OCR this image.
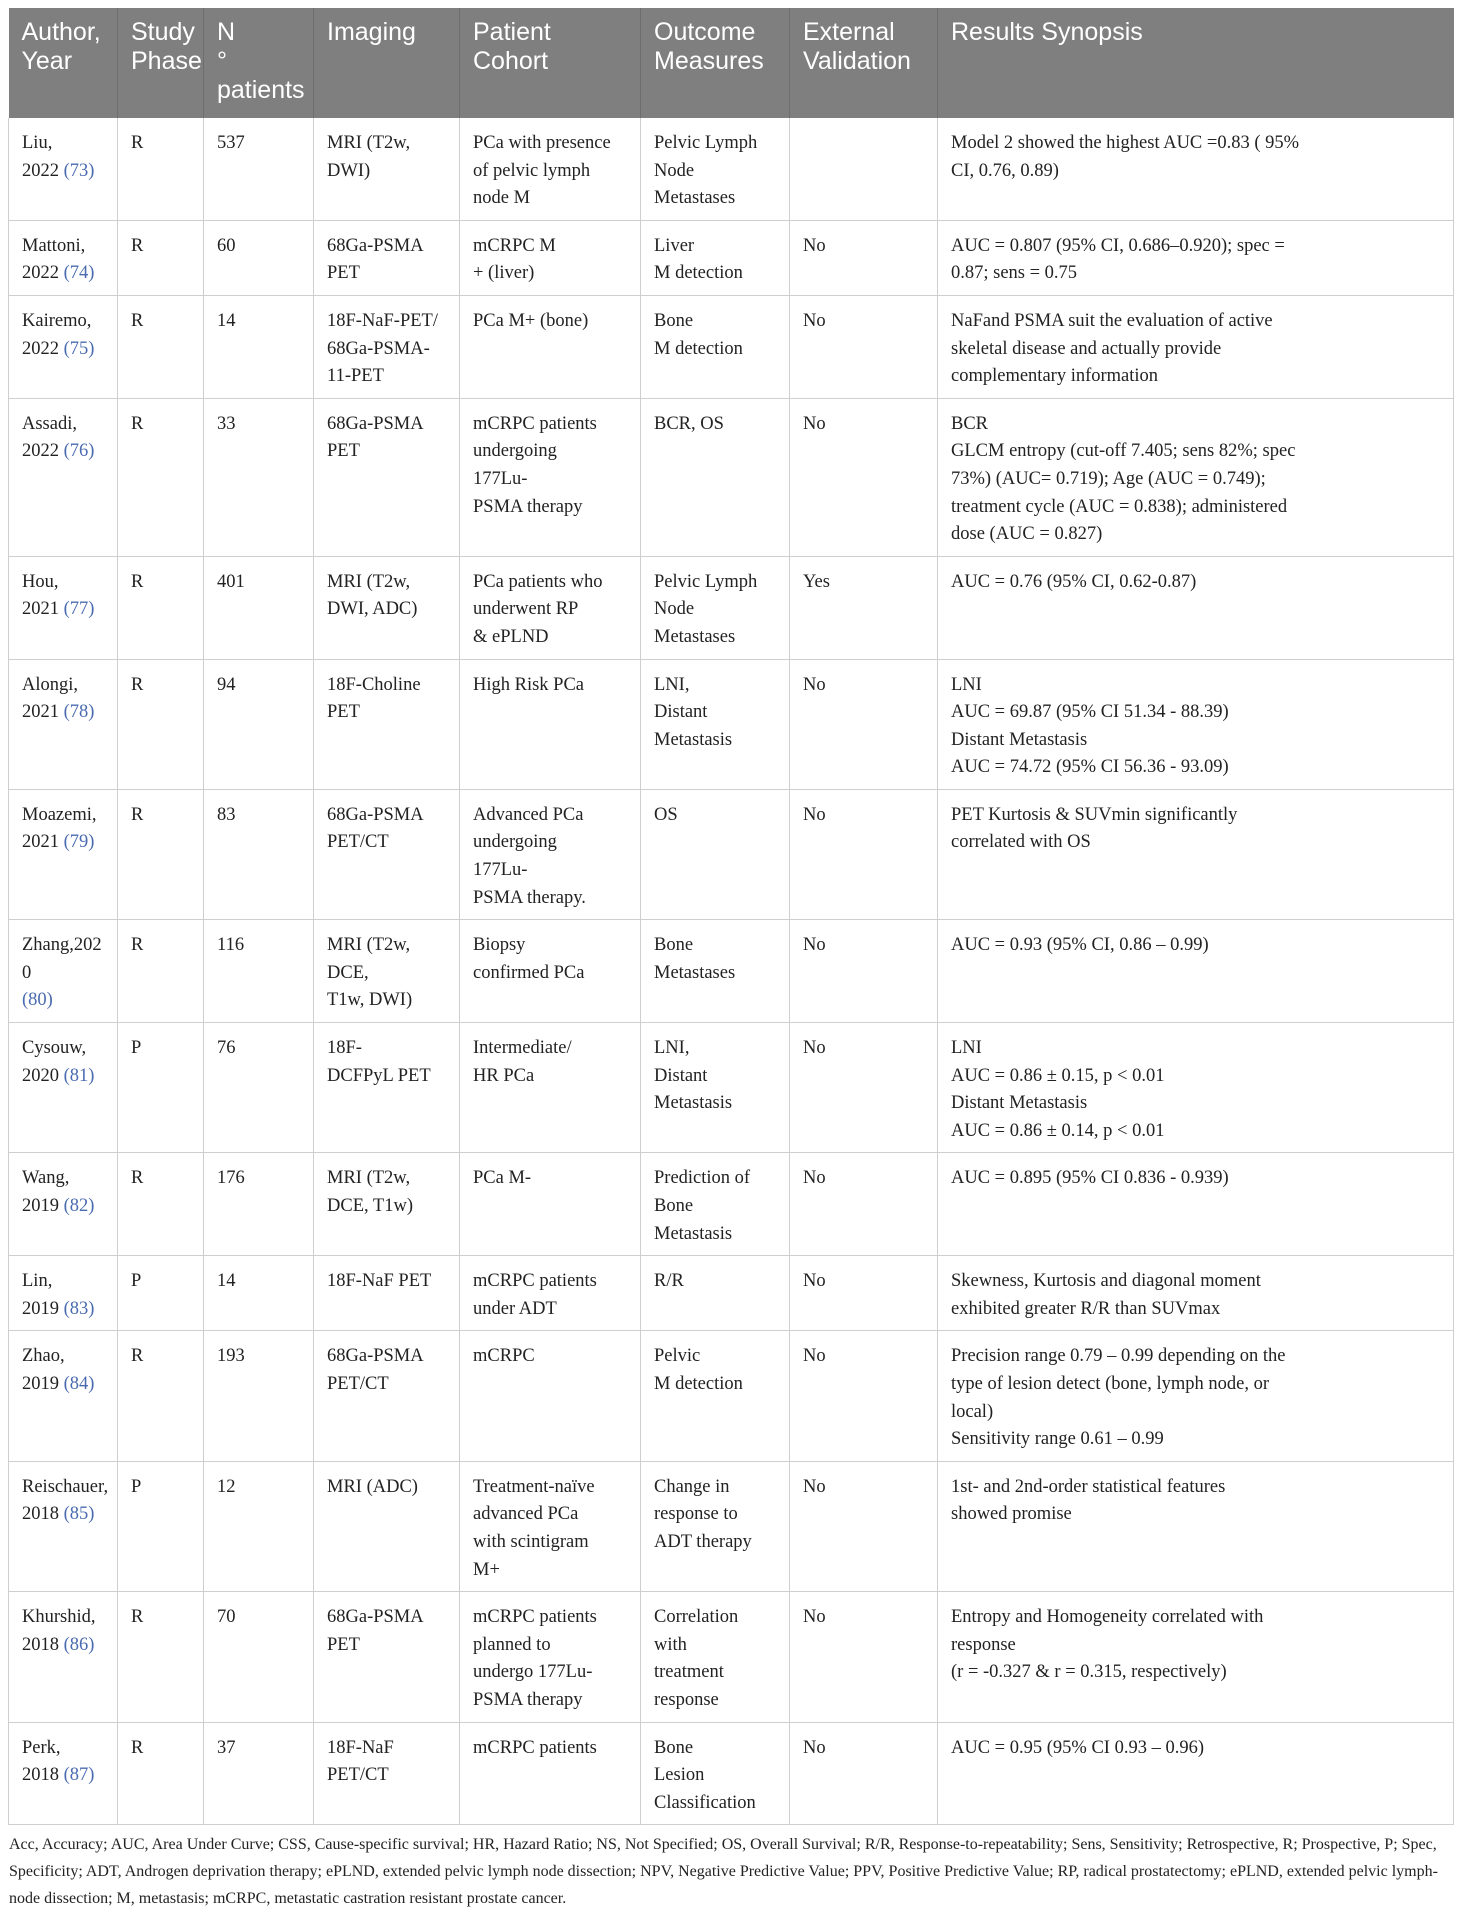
Author, Year	Study Phase	N
°
patients	Imaging	Patient Cohort	Outcome Measures	External Validation	Results Synopsis
Liu,
2022 (73)	R	537	MRI (T2w, DWI)	PCa with presence
of pelvic lymph
node M	Pelvic Lymph
Node
Metastases		Model 2 showed the highest AUC =0.83 ( 95%
CI, 0.76, 0.89)
Mattoni,
2022 (74)	R	60	68Ga-PSMA PET	mCRPC M
+ (liver)	Liver
M detection	No	AUC = 0.807 (95% CI, 0.686–0.920); spec =
0.87; sens = 0.75
Kairemo,
2022 (75)	R	14	18F-NaF-PET/
68Ga-PSMA-
11-PET	PCa M+ (bone)	Bone
M detection	No	NaFand PSMA suit the evaluation of active
skeletal disease and actually provide
complementary information
Assadi,
2022 (76)	R	33	68Ga-PSMA PET	mCRPC patients
undergoing
177Lu-
PSMA therapy	BCR, OS	No	BCR
GLCM entropy (cut-off 7.405; sens 82%; spec
73%) (AUC= 0.719); Age (AUC = 0.749);
treatment cycle (AUC = 0.838); administered
dose (AUC = 0.827)
Hou,
2021 (77)	R	401	MRI (T2w,
DWI, ADC)	PCa patients who
underwent RP
& ePLND	Pelvic Lymph
Node
Metastases	Yes	AUC = 0.76 (95% CI, 0.62-0.87)
Alongi,
2021 (78)	R	94	18F-Choline PET	High Risk PCa	LNI,
Distant
Metastasis	No	LNI
AUC = 69.87 (95% CI 51.34 - 88.39)
Distant Metastasis
AUC = 74.72 (95% CI 56.36 - 93.09)
Moazemi,
2021 (79)	R	83	68Ga-PSMA
PET/CT	Advanced PCa
undergoing
177Lu-
PSMA therapy.	OS	No	PET Kurtosis & SUVmin significantly
correlated with OS
Zhang,2020
(80)	R	116	MRI (T2w, DCE,
T1w, DWI)	Biopsy
confirmed PCa	Bone
Metastases	No	AUC = 0.93 (95% CI, 0.86 – 0.99)
Cysouw,
2020 (81)	P	76	18F-
DCFPyL PET	Intermediate/
HR PCa	LNI,
Distant
Metastasis	No	LNI
AUC = 0.86 ± 0.15, p < 0.01
Distant Metastasis
AUC = 0.86 ± 0.14, p < 0.01
Wang,
2019 (82)	R	176	MRI (T2w,
DCE, T1w)	PCa M-	Prediction of
Bone
Metastasis	No	AUC = 0.895 (95% CI 0.836 - 0.939)
Lin,
2019 (83)	P	14	18F-NaF PET	mCRPC patients
under ADT	R/R	No	Skewness, Kurtosis and diagonal moment
exhibited greater R/R than SUVmax
Zhao,
2019 (84)	R	193	68Ga-PSMA
PET/CT	mCRPC	Pelvic
M detection	No	Precision range 0.79 – 0.99 depending on the
type of lesion detect (bone, lymph node, or
local)
Sensitivity range 0.61 – 0.99
Reischauer,
2018 (85)	P	12	MRI (ADC)	Treatment-naïve
advanced PCa
with scintigram
M+	Change in
response to
ADT therapy	No	1st- and 2nd-order statistical features
showed promise
Khurshid,
2018 (86)	R	70	68Ga-PSMA PET	mCRPC patients
planned to
undergo 177Lu-
PSMA therapy	Correlation
with
treatment
response	No	Entropy and Homogeneity correlated with
response
(r = -0.327 & r = 0.315, respectively)
Perk,
2018 (87)	R	37	18F-NaF
PET/CT	mCRPC patients	Bone
Lesion
Classification	No	AUC = 0.95 (95% CI 0.93 – 0.96)
Acc, Accuracy; AUC, Area Under Curve; CSS, Cause-specific survival; HR, Hazard Ratio; NS, Not Specified; OS, Overall Survival; R/R, Response-to-repeatability; Sens, Sensitivity; Retrospective, R; Prospective, P; Spec, Specificity; ADT, Androgen deprivation therapy; ePLND, extended pelvic lymph node dissection; NPV, Negative Predictive Value; PPV, Positive Predictive Value; RP, radical prostatectomy; ePLND, extended pelvic lymph-node dissection; M, metastasis; mCRPC, metastatic castration resistant prostate cancer.
